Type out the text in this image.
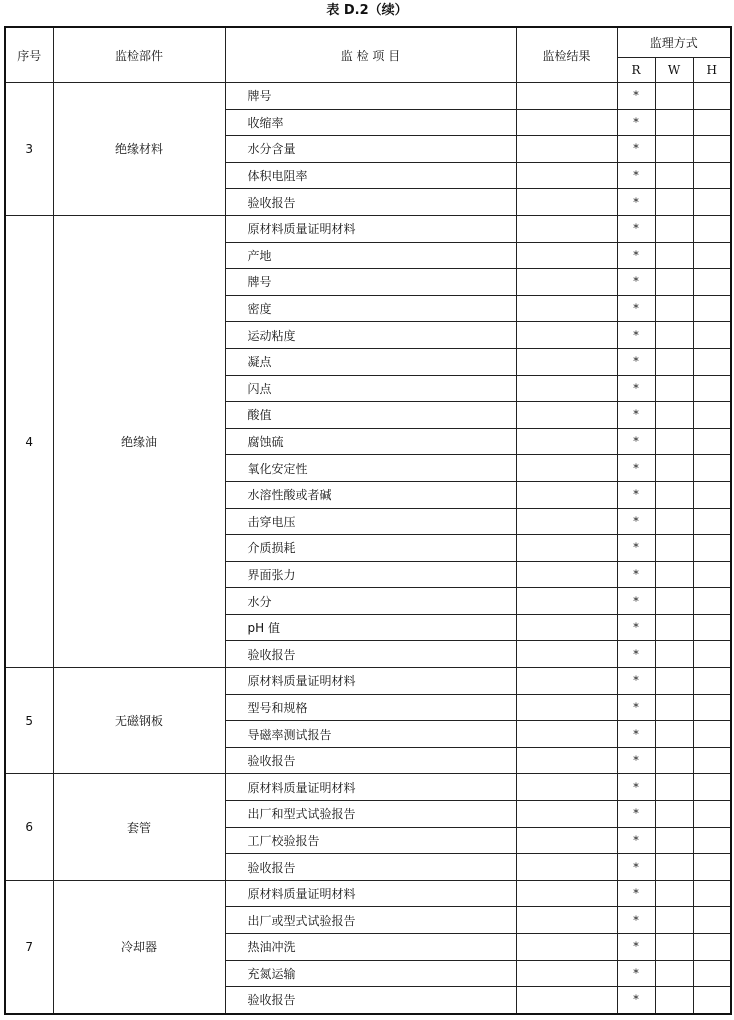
表 D.2（续）
序号	监检部件	监 检 项 目	监检结果	监理方式		
				R	W	H
3	绝缘材料	牌号		*		
		收缩率		*		
		水分含量		*		
		体积电阻率		*		
		验收报告		*		
4	绝缘油	原材料质量证明材料		*		
		产地		*		
		牌号		*		
		密度		*		
		运动粘度		*		
		凝点		*		
		闪点		*		
		酸值		*		
		腐蚀硫		*		
		氧化安定性		*		
		水溶性酸或者碱		*		
		击穿电压		*		
		介质损耗		*		
		界面张力		*		
		水分		*		
		pH 值		*		
		验收报告		*		
5	无磁钢板	原材料质量证明材料		*		
		型号和规格		*		
		导磁率测试报告		*		
		验收报告		*		
6	套管	原材料质量证明材料		*		
		出厂和型式试验报告		*		
		工厂校验报告		*		
		验收报告		*		
7	冷却器	原材料质量证明材料		*		
		出厂或型式试验报告		*		
		热油冲洗		*		
		充氮运输		*		
		验收报告		*		
